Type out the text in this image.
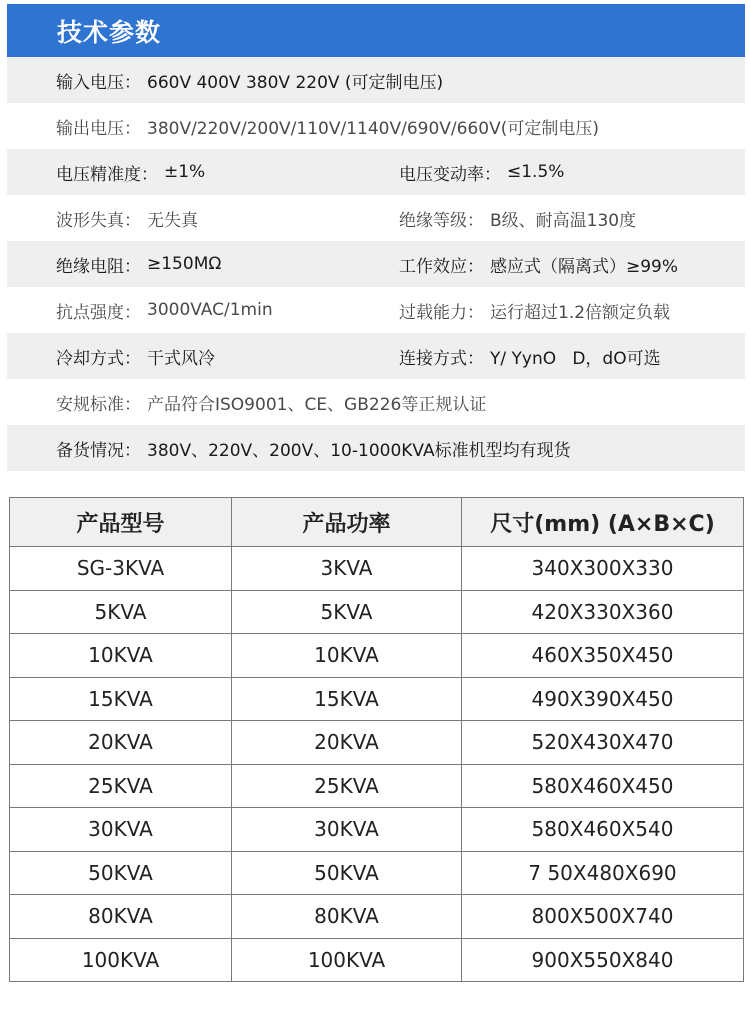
技术参数
输入电压： 660V 400V 380V 220V (可定制电压)
输出电压： 380V/220V/200V/110V/1140V/690V/660V(可定制电压)
电压精准度： ±1%	电压变动率： ≤1.5%
波形失真： 无失真	绝缘等级： B级、耐高温130度
绝缘电阻： ≥150MΩ	工作效应： 感应式（隔离式）≥99%
抗点强度： 3000VAC/1min	过载能力： 运行超过1.2倍额定负载
冷却方式： 干式风冷	连接方式： Y/ YynO   D，dO可选
安规标准： 产品符合ISO9001、CE、GB226等正规认证
备货情况： 380V、220V、200V、10-1000KVA标准机型均有现货
产品型号	产品功率	尺寸(mm) (A×B×C)
SG-3KVA	3KVA	340X300X330
5KVA	5KVA	420X330X360
10KVA	10KVA	460X350X450
15KVA	15KVA	490X390X450
20KVA	20KVA	520X430X470
25KVA	25KVA	580X460X450
30KVA	30KVA	580X460X540
50KVA	50KVA	7 50X480X690
80KVA	80KVA	800X500X740
100KVA	100KVA	900X550X840
